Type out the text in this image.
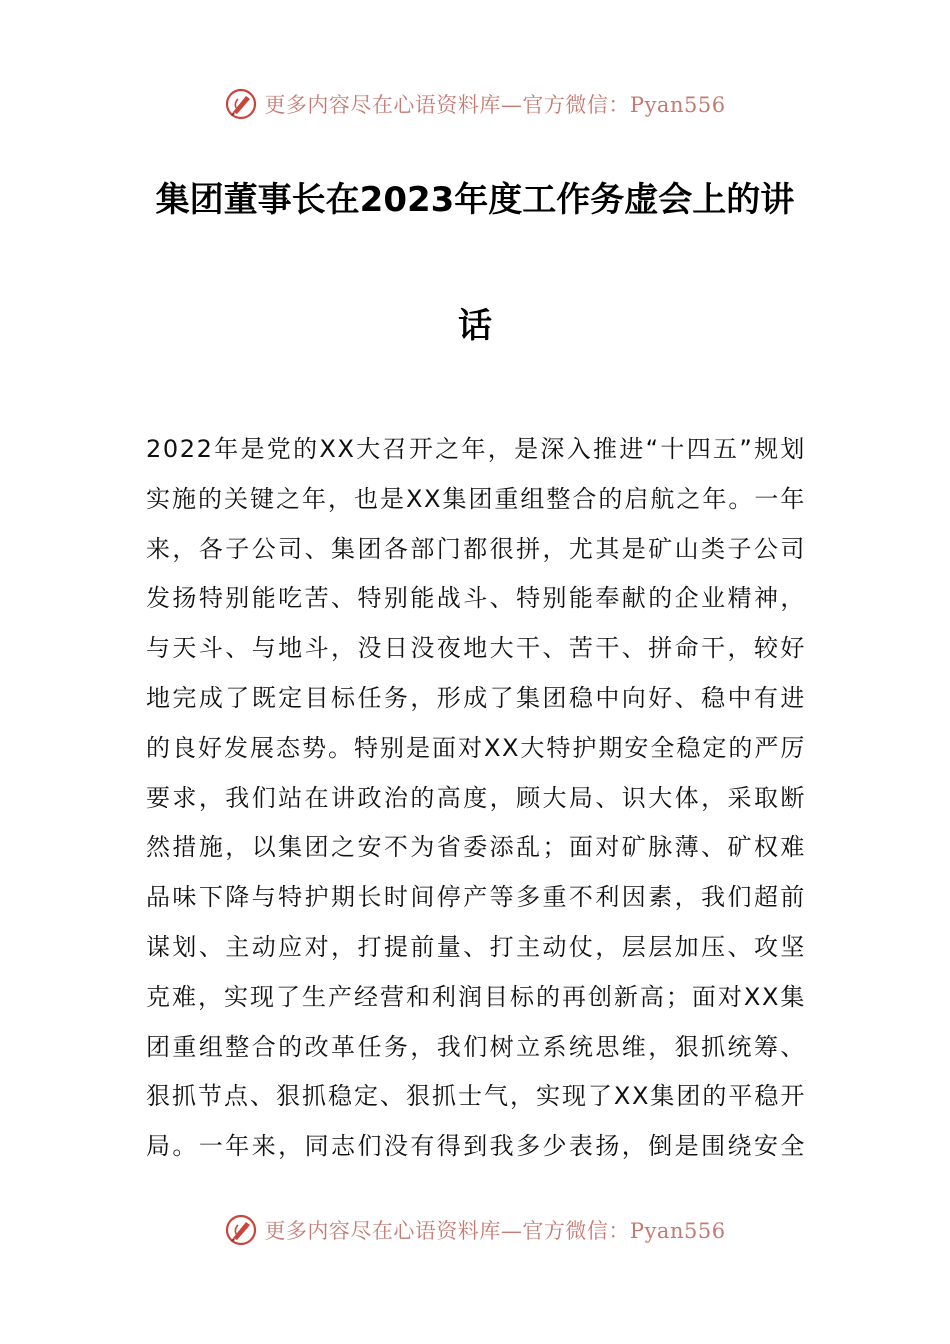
更多内容尽在心语资料库—官方微信：Pyan556
集团董事长在2023年度工作务虚会上的讲
话
2022年是党的XX大召开之年，是深入推进“十四五”规划
实施的关键之年，也是XX集团重组整合的启航之年。一年
来，各子公司、集团各部门都很拼，尤其是矿山类子公司
发扬特别能吃苦、特别能战斗、特别能奉献的企业精神，
与天斗、与地斗，没日没夜地大干、苦干、拼命干，较好
地完成了既定目标任务，形成了集团稳中向好、稳中有进
的良好发展态势。特别是面对XX大特护期安全稳定的严厉
要求，我们站在讲政治的高度，顾大局、识大体，采取断
然措施，以集团之安不为省委添乱；面对矿脉薄、矿权难
品味下降与特护期长时间停产等多重不利因素，我们超前
谋划、主动应对，打提前量、打主动仗，层层加压、攻坚
克难，实现了生产经营和利润目标的再创新高；面对XX集
团重组整合的改革任务，我们树立系统思维，狠抓统筹、
狠抓节点、狠抓稳定、狠抓士气，实现了XX集团的平稳开
局。一年来，同志们没有得到我多少表扬，倒是围绕安全
更多内容尽在心语资料库—官方微信：Pyan556
